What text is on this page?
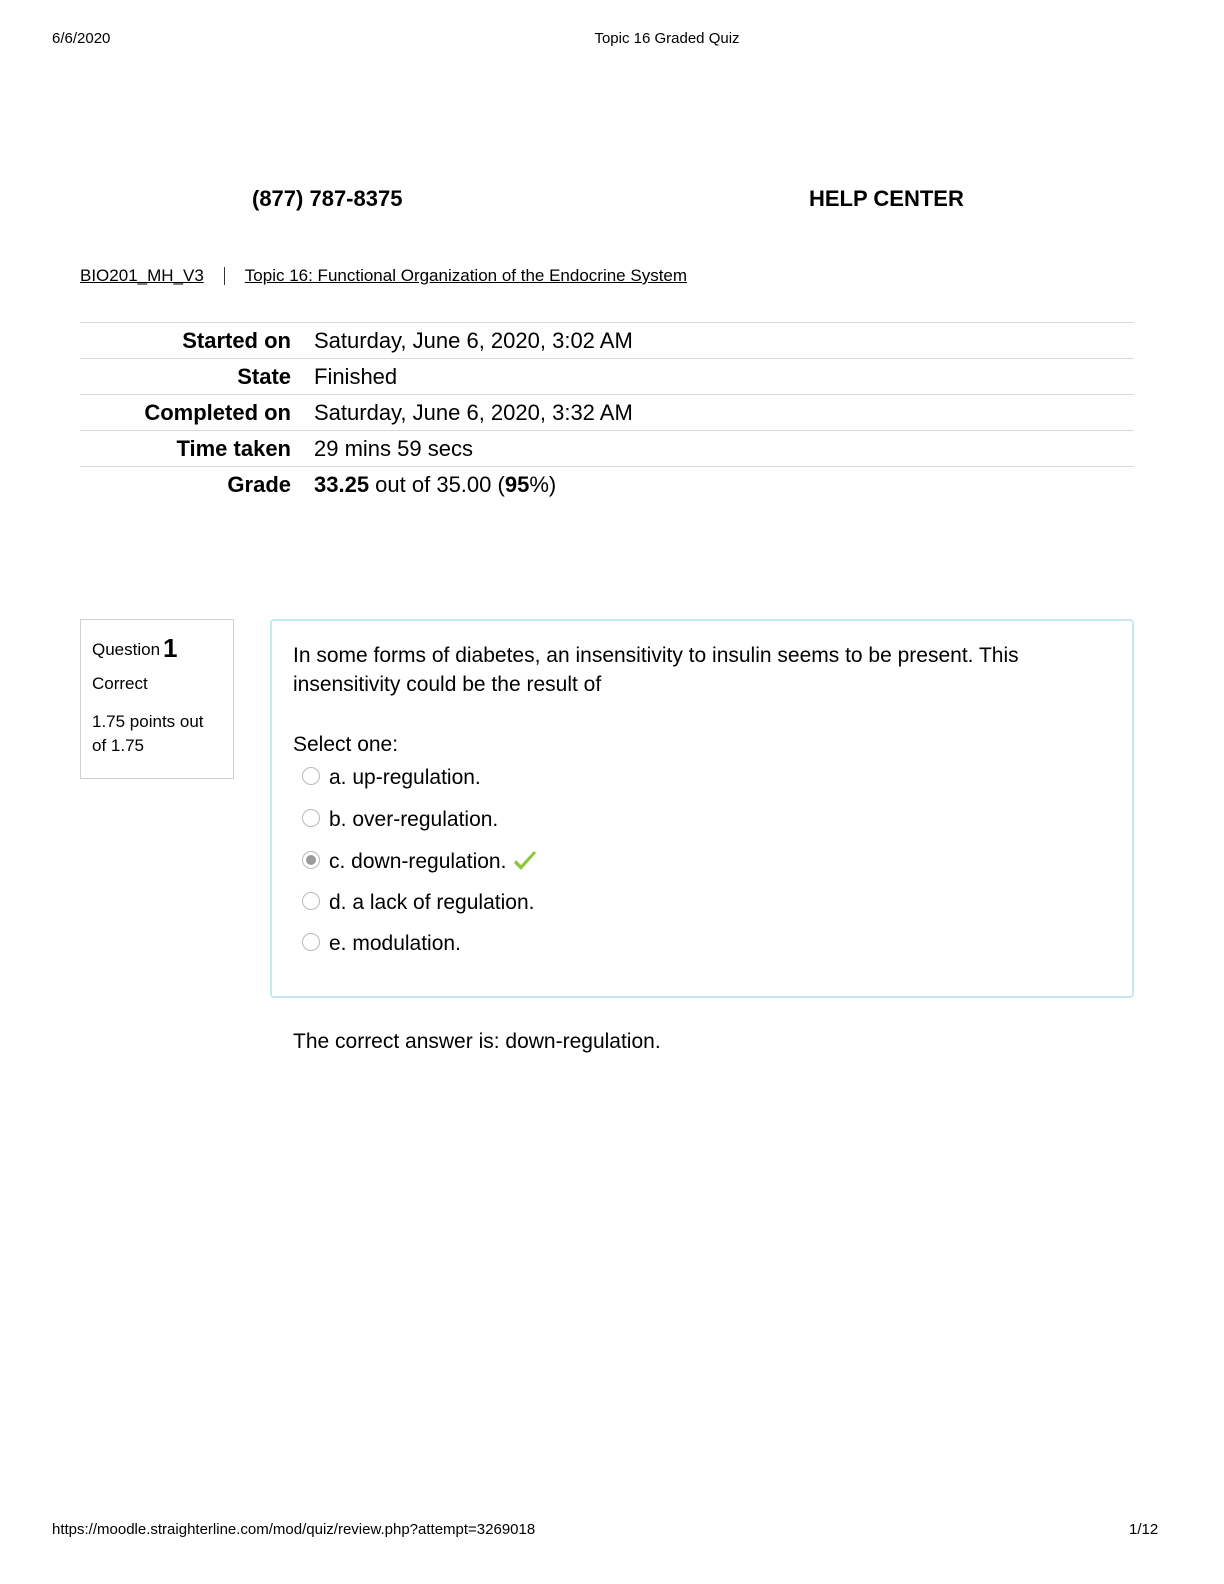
6/6/2020	Topic 16 Graded Quiz
(877) 787-8375	HELP CENTER
BIO201_MH_V3 Topic 16: Functional Organization of the Endocrine System
Started on	Saturday, June 6, 2020, 3:02 AM
State	Finished
Completed on	Saturday, June 6, 2020, 3:32 AM
Time taken	29 mins 59 secs
Grade	33.25 out of 35.00 (95%)
Question 1
Correct
1.75 points out of 1.75
In some forms of diabetes, an insensitivity to insulin seems to be present. This insensitivity could be the result of
Select one:
a. up-regulation.
b. over-regulation.
c. down-regulation.
d. a lack of regulation.
e. modulation.
The correct answer is: down-regulation.
https://moodle.straighterline.com/mod/quiz/review.php?attempt=3269018	1/12
